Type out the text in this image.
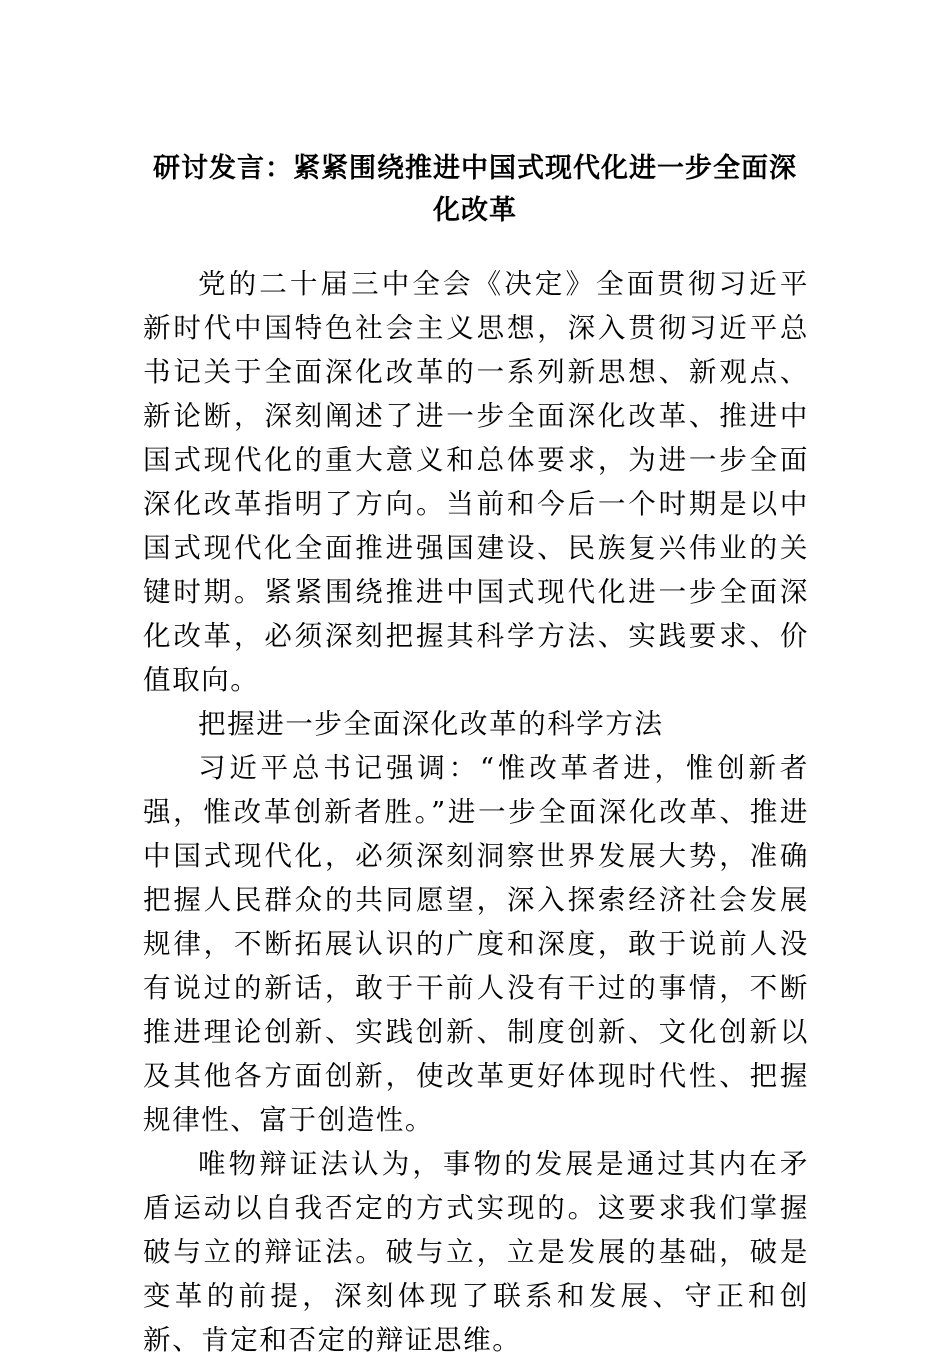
研讨发言：紧紧围绕推进中国式现代化进一步全面深化改革

党的二十届三中全会《决定》全面贯彻习近平新时代中国特色社会主义思想，深入贯彻习近平总书记关于全面深化改革的一系列新思想、新观点、新论断，深刻阐述了进一步全面深化改革、推进中国式现代化的重大意义和总体要求，为进一步全面深化改革指明了方向。当前和今后一个时期是以中国式现代化全面推进强国建设、民族复兴伟业的关键时期。紧紧围绕推进中国式现代化进一步全面深化改革，必须深刻把握其科学方法、实践要求、价值取向。

把握进一步全面深化改革的科学方法

习近平总书记强调：“惟改革者进，惟创新者强，惟改革创新者胜。”进一步全面深化改革、推进中国式现代化，必须深刻洞察世界发展大势，准确把握人民群众的共同愿望，深入探索经济社会发展规律，不断拓展认识的广度和深度，敢于说前人没有说过的新话，敢于干前人没有干过的事情，不断推进理论创新、实践创新、制度创新、文化创新以及其他各方面创新，使改革更好体现时代性、把握规律性、富于创造性。

唯物辩证法认为，事物的发展是通过其内在矛盾运动以自我否定的方式实现的。这要求我们掌握破与立的辩证法。破与立，立是发展的基础，破是变革的前提，深刻体现了联系和发展、守正和创新、肯定和否定的辩证思维。
